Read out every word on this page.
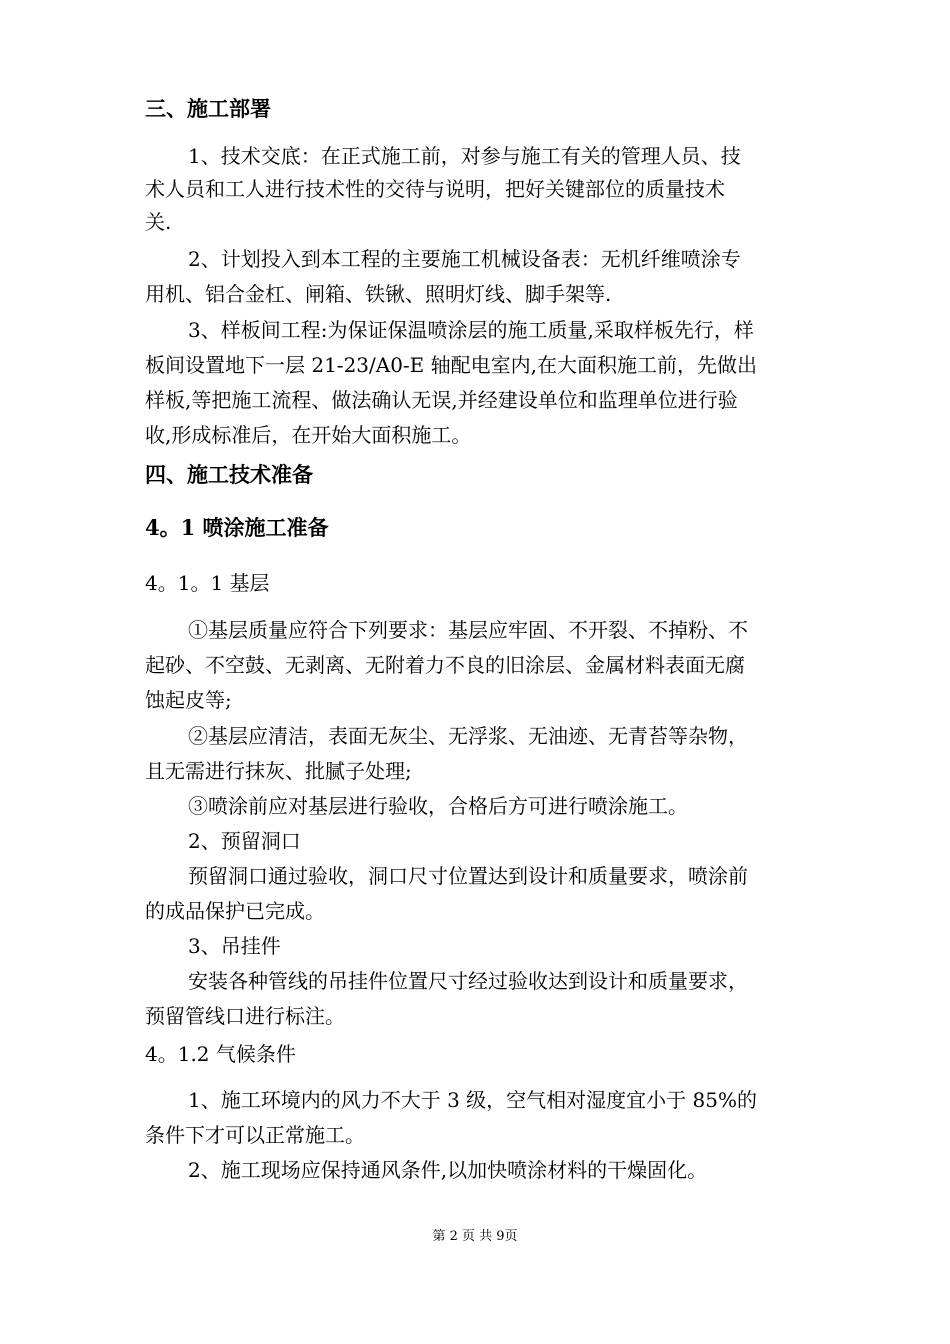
三、施工部署
1、技术交底：在正式施工前，对参与施工有关的管理人员、技
术人员和工人进行技术性的交待与说明，把好关键部位的质量技术
关.
2、计划投入到本工程的主要施工机械设备表：无机纤维喷涂专
用机、铝合金杠、闸箱、铁锹、照明灯线、脚手架等.
3、样板间工程:为保证保温喷涂层的施工质量,采取样板先行，样
板间设置地下一层 21-23/A0-E 轴配电室内,在大面积施工前，先做出
样板,等把施工流程、做法确认无误,并经建设单位和监理单位进行验
收,形成标准后，在开始大面积施工。
四、施工技术准备
4。1 喷涂施工准备
4。1。1 基层
①基层质量应符合下列要求：基层应牢固、不开裂、不掉粉、不
起砂、不空鼓、无剥离、无附着力不良的旧涂层、金属材料表面无腐
蚀起皮等;
②基层应清洁，表面无灰尘、无浮浆、无油迹、无青苔等杂物，
且无需进行抹灰、批腻子处理;
③喷涂前应对基层进行验收，合格后方可进行喷涂施工。
2、预留洞口
预留洞口通过验收，洞口尺寸位置达到设计和质量要求，喷涂前
的成品保护已完成。
3、吊挂件
安装各种管线的吊挂件位置尺寸经过验收达到设计和质量要求，
预留管线口进行标注。
4。1.2 气候条件
1、施工环境内的风力不大于 3 级，空气相对湿度宜小于 85%的
条件下才可以正常施工。
2、施工现场应保持通风条件,以加快喷涂材料的干燥固化。
第 2 页 共 9页
